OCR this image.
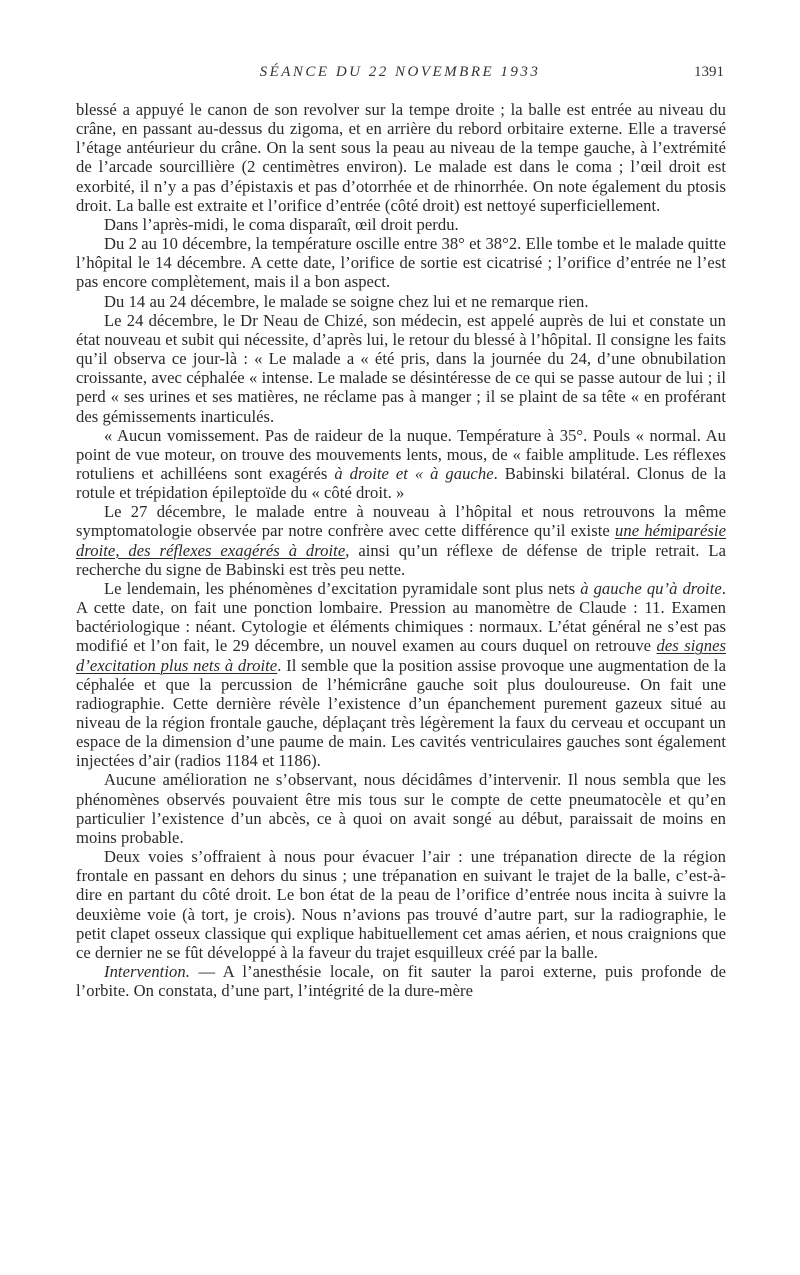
SÉANCE DU 22 NOVEMBRE 1933	1391

blessé a appuyé le canon de son revolver sur la tempe droite ; la balle est entrée au niveau du crâne, en passant au-dessus du zigoma, et en arrière du rebord orbitaire externe. Elle a traversé l’étage antéurieur du crâne. On la sent sous la peau au niveau de la tempe gauche, à l’extrémité de l’arcade sourcillière (2 centimètres environ). Le malade est dans le coma ; l’œil droit est exorbité, il n’y a pas d’épistaxis et pas d’otorrhée et de rhinorrhée. On note également du ptosis droit. La balle est extraite et l’orifice d’entrée (côté droit) est nettoyé superficiellement.

Dans l’après-midi, le coma disparaît, œil droit perdu.

Du 2 au 10 décembre, la température oscille entre 38° et 38°2. Elle tombe et le malade quitte l’hôpital le 14 décembre. A cette date, l’orifice de sortie est cicatrisé ; l’orifice d’entrée ne l’est pas encore complètement, mais il a bon aspect.

Du 14 au 24 décembre, le malade se soigne chez lui et ne remarque rien.

Le 24 décembre, le Dr Neau de Chizé, son médecin, est appelé auprès de lui et constate un état nouveau et subit qui nécessite, d’après lui, le retour du blessé à l’hôpital. Il consigne les faits qu’il observa ce jour-là : « Le malade a « été pris, dans la journée du 24, d’une obnubilation croissante, avec céphalée « intense. Le malade se désintéresse de ce qui se passe autour de lui ; il perd « ses urines et ses matières, ne réclame pas à manger ; il se plaint de sa tête « en proférant des gémissements inarticulés.

« Aucun vomissement. Pas de raideur de la nuque. Température à 35°. Pouls « normal. Au point de vue moteur, on trouve des mouvements lents, mous, de « faible amplitude. Les réflexes rotuliens et achilléens sont exagérés à droite et « à gauche. Babinski bilatéral. Clonus de la rotule et trépidation épileptoïde du « côté droit. »

Le 27 décembre, le malade entre à nouveau à l’hôpital et nous retrouvons la même symptomatologie observée par notre confrère avec cette différence qu’il existe une hémiparésie droite, des réflexes exagérés à droite, ainsi qu’un réflexe de défense de triple retrait. La recherche du signe de Babinski est très peu nette.

Le lendemain, les phénomènes d’excitation pyramidale sont plus nets à gauche qu’à droite. A cette date, on fait une ponction lombaire. Pression au manomètre de Claude : 11. Examen bactériologique : néant. Cytologie et éléments chimiques : normaux. L’état général ne s’est pas modifié et l’on fait, le 29 décembre, un nouvel examen au cours duquel on retrouve des signes d’excitation plus nets à droite. Il semble que la position assise provoque une augmentation de la céphalée et que la percussion de l’hémicrâne gauche soit plus douloureuse. On fait une radiographie. Cette dernière révèle l’existence d’un épanchement purement gazeux situé au niveau de la région frontale gauche, déplaçant très légèrement la faux du cerveau et occupant un espace de la dimension d’une paume de main. Les cavités ventriculaires gauches sont également injectées d’air (radios 1184 et 1186).

Aucune amélioration ne s’observant, nous décidâmes d’intervenir. Il nous sembla que les phénomènes observés pouvaient être mis tous sur le compte de cette pneumatocèle et qu’en particulier l’existence d’un abcès, ce à quoi on avait songé au début, paraissait de moins en moins probable.

Deux voies s’offraient à nous pour évacuer l’air : une trépanation directe de la région frontale en passant en dehors du sinus ; une trépanation en suivant le trajet de la balle, c’est-à-dire en partant du côté droit. Le bon état de la peau de l’orifice d’entrée nous incita à suivre la deuxième voie (à tort, je crois). Nous n’avions pas trouvé d’autre part, sur la radiographie, le petit clapet osseux classique qui explique habituellement cet amas aérien, et nous craignions que ce dernier ne se fût développé à la faveur du trajet esquilleux créé par la balle.

Intervention. — A l’anesthésie locale, on fit sauter la paroi externe, puis profonde de l’orbite. On constata, d’une part, l’intégrité de la dure-mère
